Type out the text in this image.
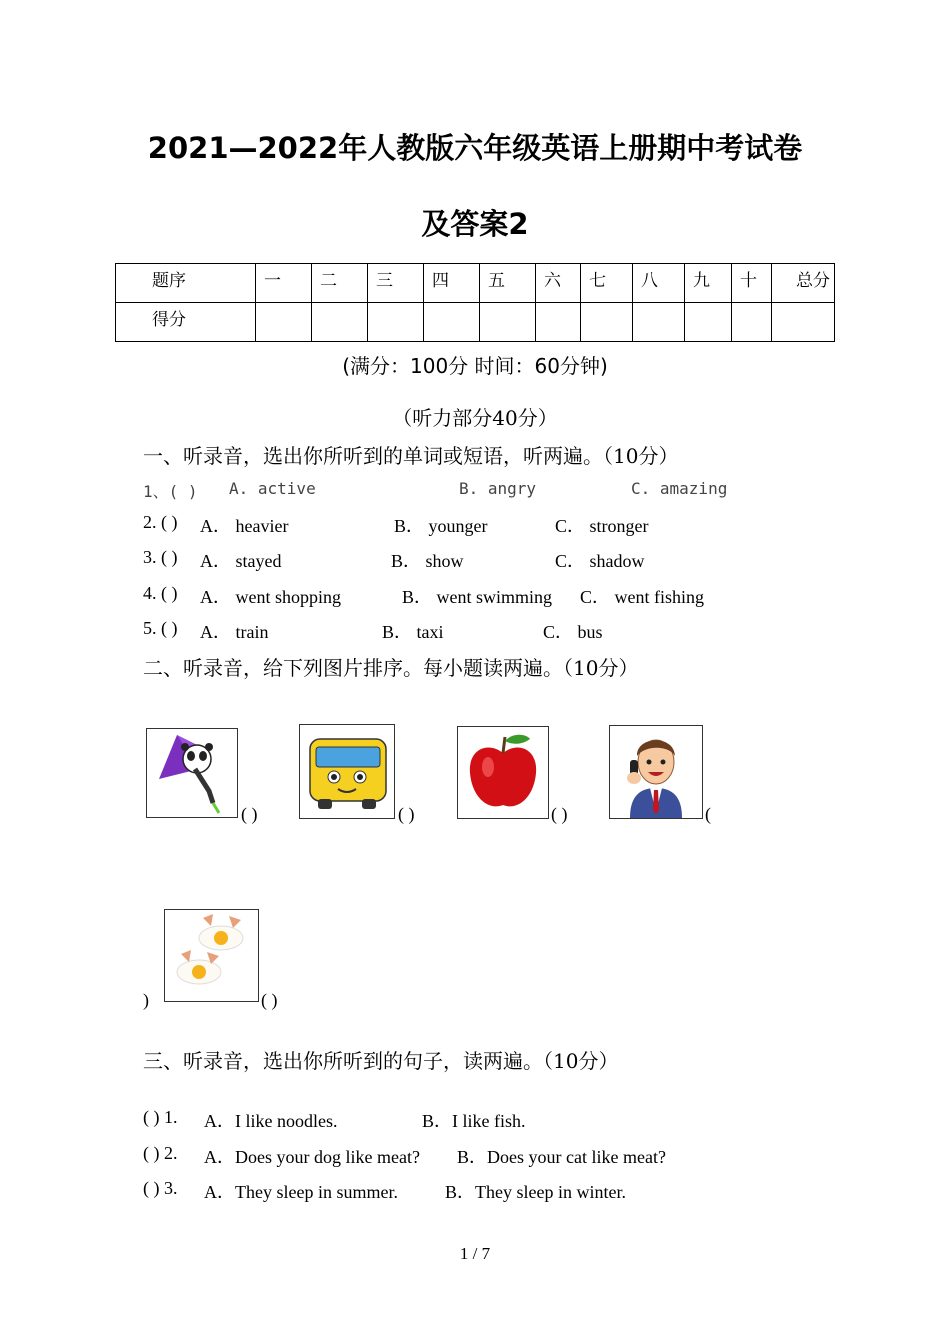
2021—2022年人教版六年级英语上册期中考试卷
及答案2
题序	一	二	三	四	五	六	七	八	九	十	总分
得分											
(满分：100分 时间：60分钟)
（听力部分40分）
一、听录音，选出你所听到的单词或短语，听两遍。（10分）
1、( ) A. active	B. angry	C. amazing
2. ( ) A． heavier	B． younger	C． stronger
3. ( ) A． stayed	B． show	C． shadow
4. ( ) A． went shopping	B． went swimming C． went fishing
5. ( ) A． train	B． taxi	C． bus
二、听录音，给下列图片排序。每小题读两遍。（10分）
( )	( )	( )	(
)	( )
三、听录音，选出你所听到的句子，读两遍。（10分）
( ) 1. A．I like noodles.	B．I like fish.
( ) 2. A．Does your dog like meat? B．Does your cat like meat?
( ) 3. A．They sleep in summer.	B．They sleep in winter.
1 / 7
